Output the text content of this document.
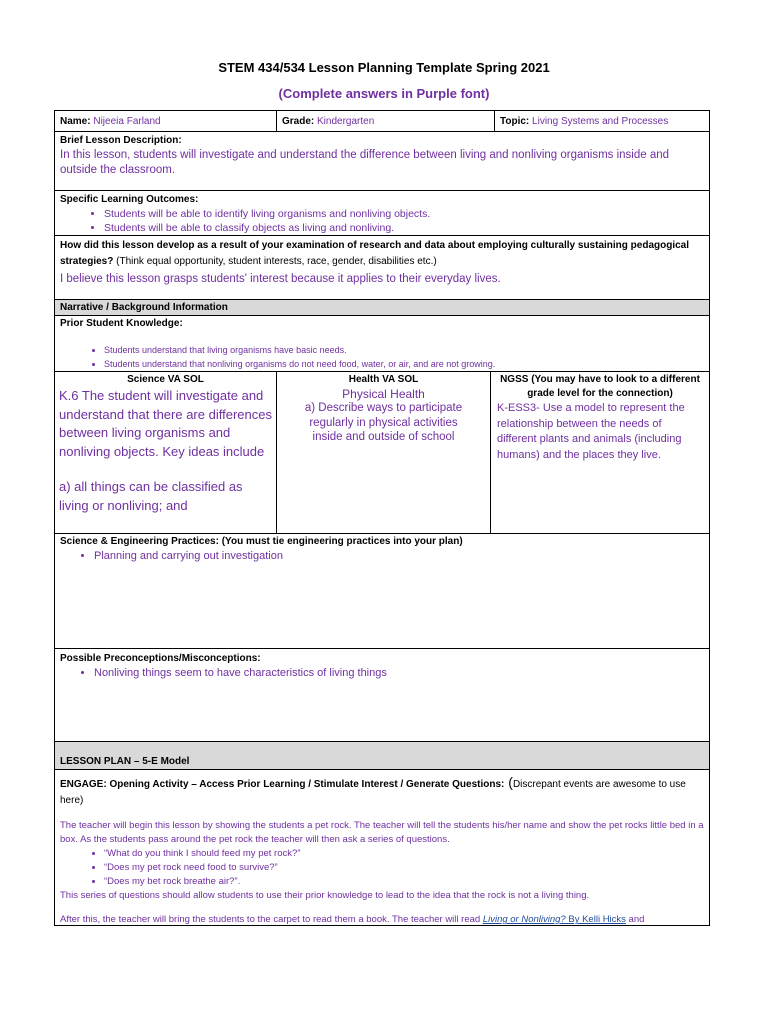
STEM 434/534 Lesson Planning Template Spring 2021
(Complete answers in Purple font)
Name: Nijeeia Farland	Grade: Kindergarten	Topic: Living Systems and Processes
Brief Lesson Description:
In this lesson, students will investigate and understand the difference between living and nonliving organisms inside and outside the classroom.
Specific Learning Outcomes:
• Students will be able to identify living organisms and nonliving objects.
• Students will be able to classify objects as living and nonliving.
How did this lesson develop as a result of your examination of research and data about employing culturally sustaining pedagogical strategies? (Think equal opportunity, student interests, race, gender, disabilities etc.)
I believe this lesson grasps students' interest because it applies to their everyday lives.
Narrative / Background Information
Prior Student Knowledge:
• Students understand that living organisms have basic needs.
• Students understand that nonliving organisms do not need food, water, or air, and are not growing.
Science VA SOL
K.6 The student will investigate and understand that there are differences between living organisms and nonliving objects. Key ideas include
a) all things can be classified as living or nonliving; and
Health VA SOL
Physical Health
a) Describe ways to participate regularly in physical activities inside and outside of school
NGSS (You may have to look to a different grade level for the connection)
K-ESS3- Use a model to represent the relationship between the needs of different plants and animals (including humans) and the places they live.
Science & Engineering Practices: (You must tie engineering practices into your plan)
• Planning and carrying out investigation
Possible Preconceptions/Misconceptions:
• Nonliving things seem to have characteristics of living things
LESSON PLAN – 5-E Model
ENGAGE: Opening Activity – Access Prior Learning / Stimulate Interest / Generate Questions: (Discrepant events are awesome to use here)
The teacher will begin this lesson by showing the students a pet rock. The teacher will tell the students his/her name and show the pet rocks little bed in a box. As the students pass around the pet rock the teacher will then ask a series of questions.
• “What do you think I should feed my pet rock?”
• “Does my pet rock need food to survive?”
• “Does my bet rock breathe air?”.
This series of questions should allow students to use their prior knowledge to lead to the idea that the rock is not a living thing.
After this, the teacher will bring the students to the carpet to read them a book. The teacher will read Living or Nonliving? By Kelli Hicks and
